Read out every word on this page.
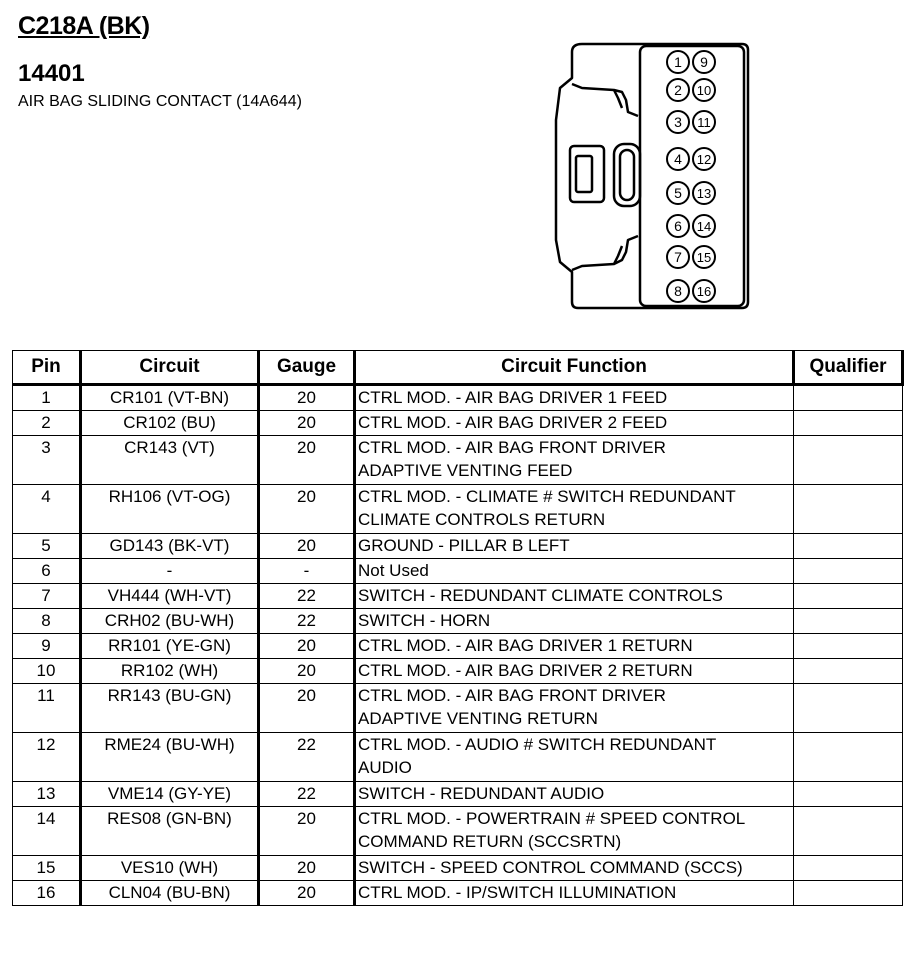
C218A (BK)
14401
AIR BAG SLIDING CONTACT (14A644)
1
2
3
4
5
6
7
8
9
10
11
12
13
14
15
16
Pin	Circuit	Gauge	Circuit Function	Qualifier
1	CR101 (VT-BN)	20	CTRL MOD. - AIR BAG DRIVER 1 FEED	

2	CR102 (BU)	20	CTRL MOD. - AIR BAG DRIVER 2 FEED	

3	CR143 (VT)	20	CTRL MOD. - AIR BAG FRONT DRIVER
ADAPTIVE VENTING FEED	

4	RH106 (VT-OG)	20	CTRL MOD. - CLIMATE # SWITCH REDUNDANT
CLIMATE CONTROLS RETURN	

5	GD143 (BK-VT)	20	GROUND - PILLAR B LEFT	

6	-	-	Not Used	

7	VH444 (WH-VT)	22	SWITCH - REDUNDANT CLIMATE CONTROLS	

8	CRH02 (BU-WH)	22	SWITCH - HORN	

9	RR101 (YE-GN)	20	CTRL MOD. - AIR BAG DRIVER 1 RETURN	

10	RR102 (WH)	20	CTRL MOD. - AIR BAG DRIVER 2 RETURN	

11	RR143 (BU-GN)	20	CTRL MOD. - AIR BAG FRONT DRIVER
ADAPTIVE VENTING RETURN	

12	RME24 (BU-WH)	22	CTRL MOD. - AUDIO # SWITCH REDUNDANT
AUDIO	

13	VME14 (GY-YE)	22	SWITCH - REDUNDANT AUDIO	

14	RES08 (GN-BN)	20	CTRL MOD. - POWERTRAIN # SPEED CONTROL
COMMAND RETURN (SCCSRTN)	

15	VES10 (WH)	20	SWITCH - SPEED CONTROL COMMAND (SCCS)	

16	CLN04 (BU-BN)	20	CTRL MOD. - IP/SWITCH ILLUMINATION	
